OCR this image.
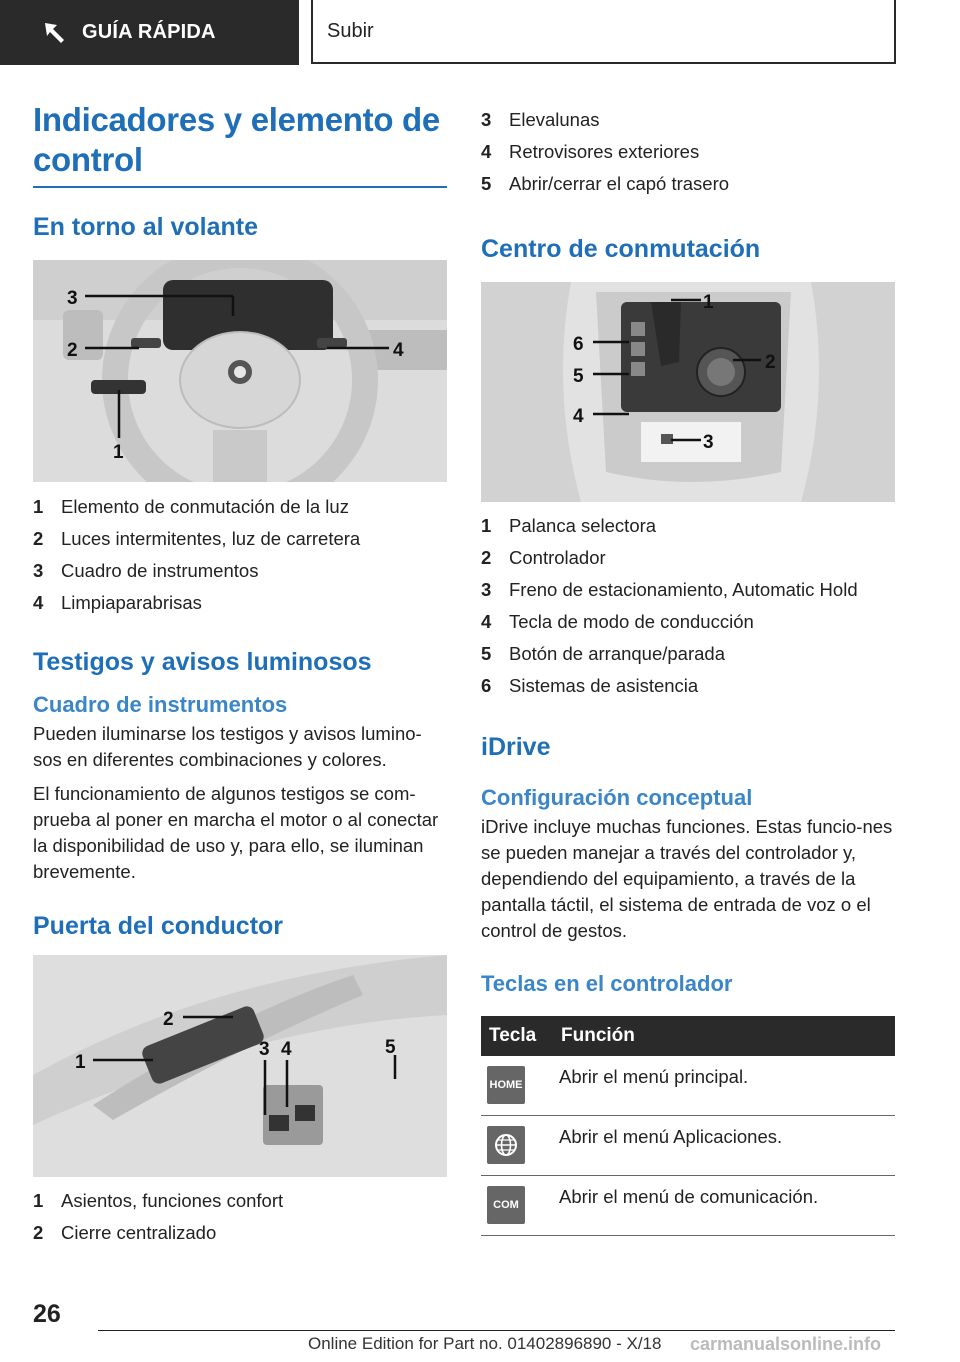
GUÍA RÁPIDA	Subir
Indicadores y elemento de control
En torno al volante
3
2	4
1
1 Elemento de conmutación de la luz
2 Luces intermitentes, luz de carretera
3 Cuadro de instrumentos
4 Limpiaparabrisas
Testigos y avisos luminosos
Cuadro de instrumentos

Pueden iluminarse los testigos y avisos lumino-sos en diferentes combinaciones y colores.

El funcionamiento de algunos testigos se com-prueba al poner en marcha el motor o al conectar la disponibilidad de uso y, para ello, se iluminan brevemente.

Puerta del conductor
1
2
3 4	5
1 Asientos, funciones confort
2 Cierre centralizado
3 Elevalunas
4 Retrovisores exteriores
5 Abrir/cerrar el capó trasero
Centro de conmutación
1
2
3
4
5
6
1 Palanca selectora
2 Controlador
3 Freno de estacionamiento, Automatic Hold
4 Tecla de modo de conducción
5 Botón de arranque/parada
6 Sistemas de asistencia
iDrive
Configuración conceptual

iDrive incluye muchas funciones. Estas funcio-nes se pueden manejar a través del controlador y, dependiendo del equipamiento, a través de la pantalla táctil, el sistema de entrada de voz o el control de gestos.

Teclas en el controlador
Tecla	Función

HOME	Abrir el menú principal.

	Abrir el menú Aplicaciones.

COM	Abrir el menú de comunicación.
26
Online Edition for Part no. 01402896890 - X/18 carmanualsonline.info
